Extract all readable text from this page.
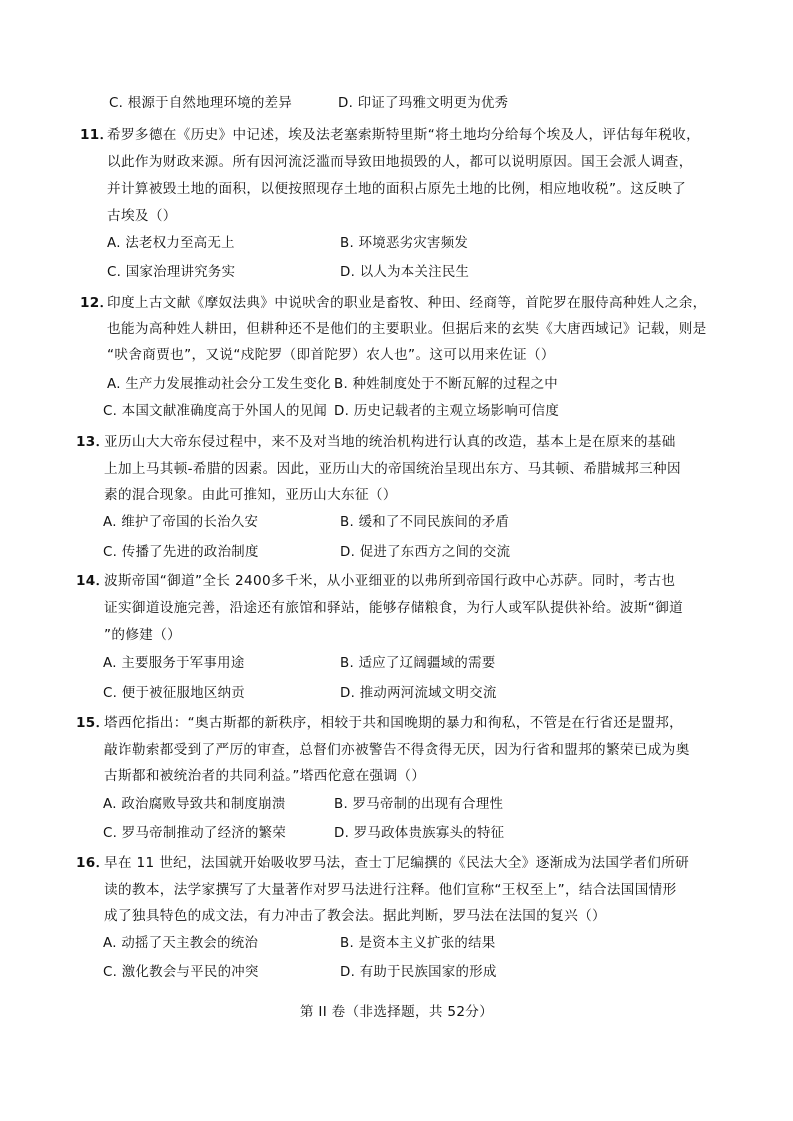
C. 根源于自然地理环境的差异	D. 印证了玛雅文明更为优秀
11．
希罗多德在《历史》中记述，埃及法老塞索斯特里斯“将土地均分给每个埃及人，评估每年税收，
以此作为财政来源。所有因河流泛滥而导致田地损毁的人，都可以说明原因。国王会派人调查，
并计算被毁土地的面积，以便按照现存土地的面积占原先土地的比例，相应地收税”。这反映了
古埃及（）
A. 法老权力至高无上	B. 环境恶劣灾害频发
C. 国家治理讲究务实	D. 以人为本关注民生
12．
印度上古文献《摩奴法典》中说吠舍的职业是畜牧、种田、经商等，首陀罗在服侍高种姓人之余，
也能为高种姓人耕田，但耕种还不是他们的主要职业。但据后来的玄奘《大唐西域记》记载，则是
“吠舍商贾也”，又说“戍陀罗（即首陀罗）农人也”。这可以用来佐证（）
A. 生产力发展推动社会分工发生变化 B. 种姓制度处于不断瓦解的过程之中
C. 本国文献准确度高于外国人的见闻 D. 历史记载者的主观立场影响可信度
13．
亚历山大大帝东侵过程中，来不及对当地的统治机构进行认真的改造，基本上是在原来的基础
上加上马其顿-希腊的因素。因此，亚历山大的帝国统治呈现出东方、马其顿、希腊城邦三种因
素的混合现象。由此可推知，亚历山大东征（）
A. 维护了帝国的长治久安	B. 缓和了不同民族间的矛盾
C. 传播了先进的政治制度	D. 促进了东西方之间的交流
14．
波斯帝国“御道”全长 2400多千米，从小亚细亚的以弗所到帝国行政中心苏萨。同时，考古也
证实御道设施完善，沿途还有旅馆和驿站，能够存储粮食，为行人或军队提供补给。波斯“御道
”的修建（）
A. 主要服务于军事用途	B. 适应了辽阔疆域的需要
C. 便于被征服地区纳贡	D. 推动两河流域文明交流
15．
塔西佗指出：“奥古斯都的新秩序，相较于共和国晚期的暴力和徇私，不管是在行省还是盟邦，
敲诈勒索都受到了严厉的审查，总督们亦被警告不得贪得无厌，因为行省和盟邦的繁荣已成为奥
古斯都和被统治者的共同利益。”塔西佗意在强调（）
A. 政治腐败导致共和制度崩溃	B. 罗马帝制的出现有合理性
C. 罗马帝制推动了经济的繁荣	D. 罗马政体贵族寡头的特征
16．
早在 11 世纪，法国就开始吸收罗马法，查士丁尼编撰的《民法大全》逐渐成为法国学者们所研
读的教本，法学家撰写了大量著作对罗马法进行注释。他们宣称“王权至上”，结合法国国情形
成了独具特色的成文法，有力冲击了教会法。据此判断，罗马法在法国的复兴（）
A. 动摇了天主教会的统治	B. 是资本主义扩张的结果
C. 激化教会与平民的冲突	D. 有助于民族国家的形成
第 II 卷（非选择题，共 52分）
